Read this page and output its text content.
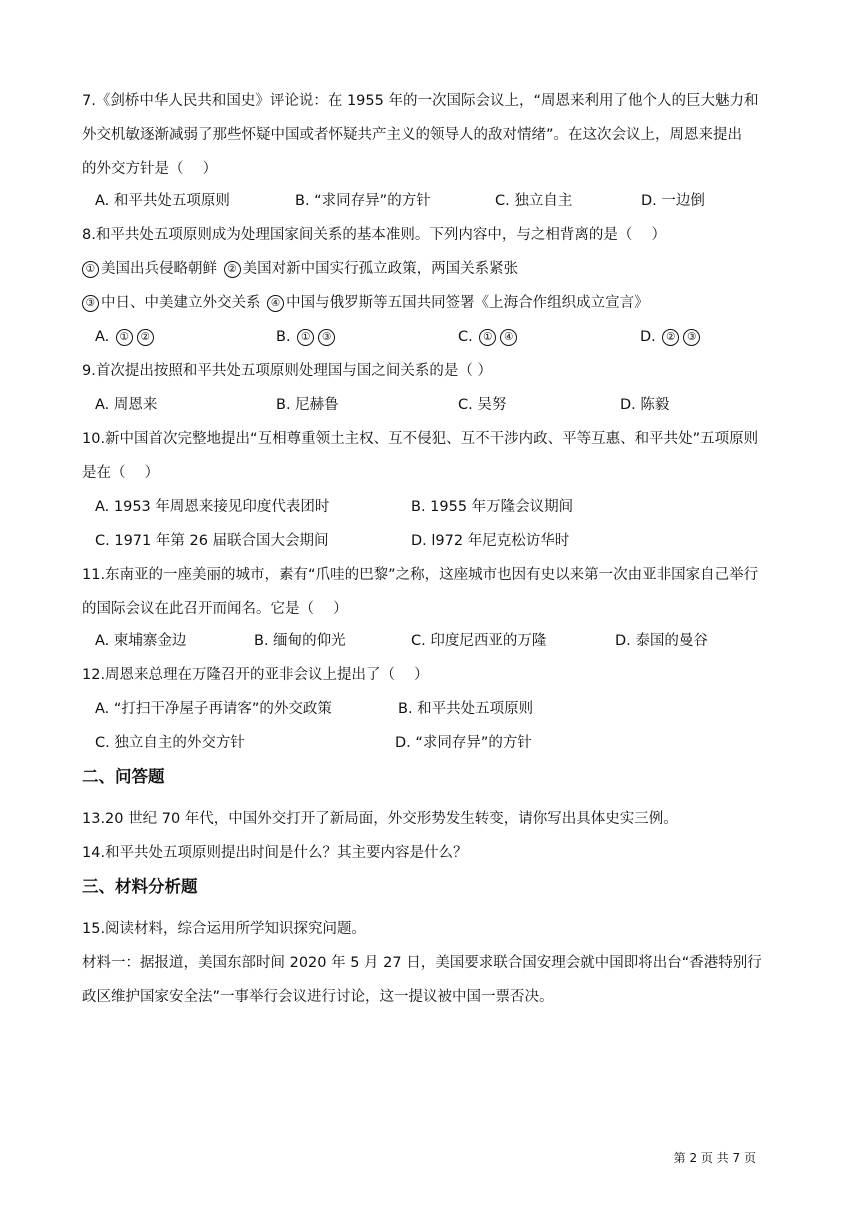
7.《剑桥中华人民共和国史》评论说：在 1955 年的一次国际会议上，“周恩来利用了他个人的巨大魅力和
外交机敏逐渐减弱了那些怀疑中国或者怀疑共产主义的领导人的敌对情绪”。在这次会议上，周恩来提出
的外交方针是（　 ）
A. 和平共处五项原则	B. “求同存异”的方针	C. 独立自主	D. 一边倒
8.和平共处五项原则成为处理国家间关系的基本准则。下列内容中，与之相背离的是（　 ）
① 美国出兵侵略朝鲜 ② 美国对新中国实行孤立政策，两国关系紧张
③ 中日、中美建立外交关系 ④ 中国与俄罗斯等五国共同签署《上海合作组织成立宣言》
A. ① ②	B. ① ③	C. ① ④	D. ② ③
9.首次提出按照和平共处五项原则处理国与国之间关系的是（ ）
A. 周恩来	B. 尼赫鲁	C. 吴努	D. 陈毅
10.新中国首次完整地提出“互相尊重领土主权、互不侵犯、互不干涉内政、平等互惠、和平共处”五项原则
是在（　 ）
A. 1953 年周恩来接见印度代表团时	B. 1955 年万隆会议期间
C. 1971 年第 26 届联合国大会期间	D. l972 年尼克松访华时
11.东南亚的一座美丽的城市，素有“爪哇的巴黎”之称，这座城市也因有史以来第一次由亚非国家自己举行
的国际会议在此召开而闻名。它是（　 ）
A. 柬埔寨金边	B. 缅甸的仰光	C. 印度尼西亚的万隆	D. 泰国的曼谷
12.周恩来总理在万隆召开的亚非会议上提出了（　 ）
A. “打扫干净屋子再请客”的外交政策	B. 和平共处五项原则
C. 独立自主的外交方针	D. “求同存异”的方针
二、问答题
13.20 世纪 70 年代，中国外交打开了新局面，外交形势发生转变，请你写出具体史实三例。
14.和平共处五项原则提出时间是什么？其主要内容是什么？
三、材料分析题
15.阅读材料，综合运用所学知识探究问题。
材料一：据报道，美国东部时间 2020 年 5 月 27 日，美国要求联合国安理会就中国即将出台“香港特别行
政区维护国家安全法”一事举行会议进行讨论，这一提议被中国一票否决。
第 2 页 共 7 页
